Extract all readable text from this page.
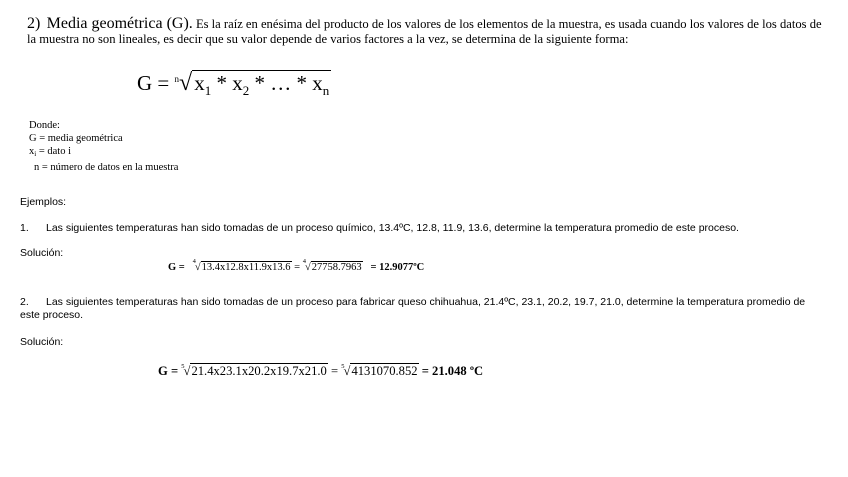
2) Media geométrica (G). Es la raíz en enésima del producto de los valores de los elementos de la muestra, es usada cuando los valores de los datos de la muestra no son lineales, es decir que su valor depende de varios factores a la vez, se determina de la siguiente forma:
$G = ^n√x_1 * x_2$ * … * $x_n$
Donde:
G = media geométrica
$x_i$ = dato i
n = número de datos en la muestra
Ejemplos:
1. Las siguientes temperaturas han sido tomadas de un proceso químico, 13.4ºC, 12.8, 11.9, 13.6, determine la temperatura promedio de este proceso.
Solución:
G =   $^4$√13.4x12.8x11.9x13.6 = $^4$√27758.7963 = 12.9077ºC
2. Las siguientes temperaturas han sido tomadas de un proceso para fabricar queso chihuahua, 21.4ºC, 23.1, 20.2, 19.7, 21.0, determine la temperatura promedio de este proceso.
Solución:
G = $^5$√21.4x23.1x20.2x19.7x21.0 = $^5$√4131070.852 = 21.048 ºC
